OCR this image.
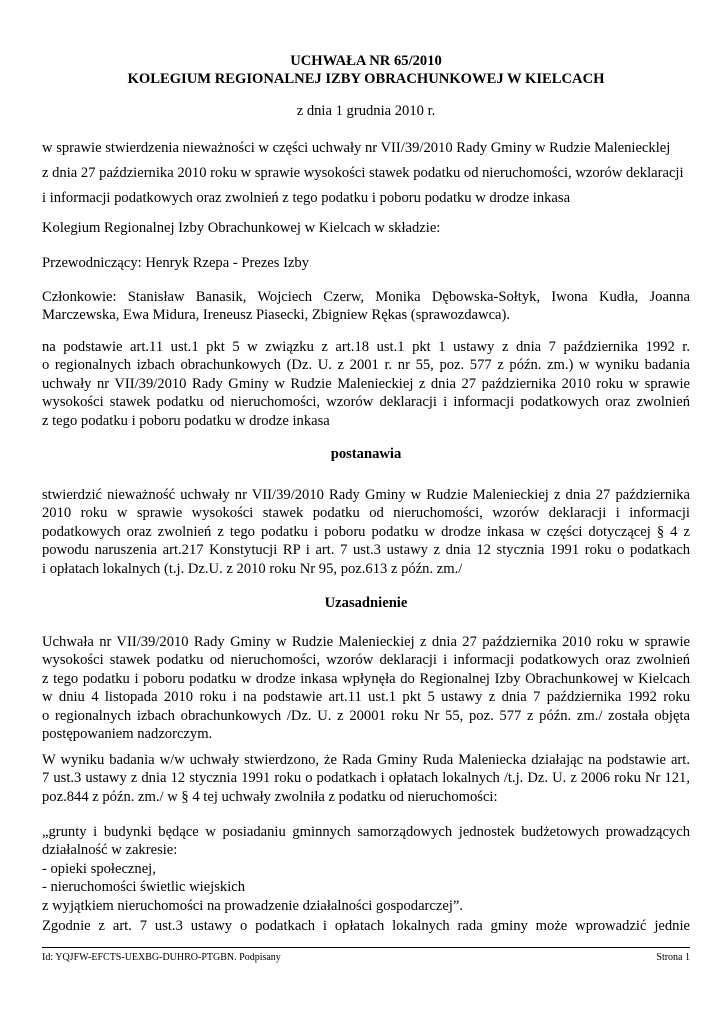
UCHWAŁA NR 65/2010
KOLEGIUM REGIONALNEJ IZBY OBRACHUNKOWEJ W KIELCACH

z dnia 1 grudnia 2010 r.

w sprawie stwierdzenia nieważności w części uchwały nr VII/39/2010 Rady Gminy w Rudzie Maleniecklej
z dnia 27 października 2010 roku w sprawie wysokości stawek podatku od nieruchomości, wzorów deklaracji
i informacji podatkowych oraz zwolnień z tego podatku i poboru podatku w drodze inkasa

Kolegium Regionalnej Izby Obrachunkowej w Kielcach w składzie:

Przewodniczący: Henryk Rzepa - Prezes Izby

Członkowie: Stanisław Banasik, Wojciech Czerw, Monika Dębowska-Sołtyk, Iwona Kudła, Joanna
Marczewska, Ewa Midura, Ireneusz Piasecki, Zbigniew Rękas (sprawozdawca).
na podstawie art.11 ust.1 pkt 5 w związku z art.18 ust.1 pkt 1 ustawy z dnia 7 października 1992 r.
o regionalnych izbach obrachunkowych (Dz. U. z 2001 r. nr 55, poz. 577 z późn. zm.) w wyniku badania
uchwały nr VII/39/2010 Rady Gminy w Rudzie Malenieckiej z dnia 27 października 2010 roku w sprawie
wysokości stawek podatku od nieruchomości, wzorów deklaracji i informacji podatkowych oraz zwolnień
z tego podatku i poboru podatku w drodze inkasa

postanawia

stwierdzić nieważność uchwały nr VII/39/2010 Rady Gminy w Rudzie Malenieckiej z dnia 27 października
2010 roku w sprawie wysokości stawek podatku od nieruchomości, wzorów deklaracji i informacji
podatkowych oraz zwolnień z tego podatku i poboru podatku w drodze inkasa w części dotyczącej § 4 z
powodu naruszenia art.217 Konstytucji RP i art. 7 ust.3 ustawy z dnia 12 stycznia 1991 roku o podatkach
i opłatach lokalnych (t.j. Dz.U. z 2010 roku Nr 95, poz.613 z późn. zm./

Uzasadnienie

Uchwała nr VII/39/2010 Rady Gminy w Rudzie Malenieckiej z dnia 27 października 2010 roku w sprawie
wysokości stawek podatku od nieruchomości, wzorów deklaracji i informacji podatkowych oraz zwolnień
z tego podatku i poboru podatku w drodze inkasa wpłynęła do Regionalnej Izby Obrachunkowej w Kielcach
w dniu 4 listopada 2010 roku i na podstawie art.11 ust.1 pkt 5 ustawy z dnia 7 października 1992 roku
o regionalnych izbach obrachunkowych /Dz. U. z 20001 roku Nr 55, poz. 577 z późn. zm./ została objęta
postępowaniem nadzorczym.
W wyniku badania w/w uchwały stwierdzono, że Rada Gminy Ruda Maleniecka działając na podstawie art.
7 ust.3 ustawy z dnia 12 stycznia 1991 roku o podatkach i opłatach lokalnych /t.j. Dz. U. z 2006 roku Nr 121,
poz.844 z późn. zm./ w § 4 tej uchwały zwolniła z podatku od nieruchomości:
„grunty i budynki będące w posiadaniu gminnych samorządowych jednostek budżetowych prowadzących
działalność w zakresie:
- opieki społecznej,
- nieruchomości świetlic wiejskich
z wyjątkiem nieruchomości na prowadzenie działalności gospodarczej”.

Zgodnie z art. 7 ust.3 ustawy o podatkach i opłatach lokalnych rada gminy może wprowadzić jednie

Id: YQJFW-EFCTS-UEXBG-DUHRO-PTGBN. Podpisany	Strona 1
